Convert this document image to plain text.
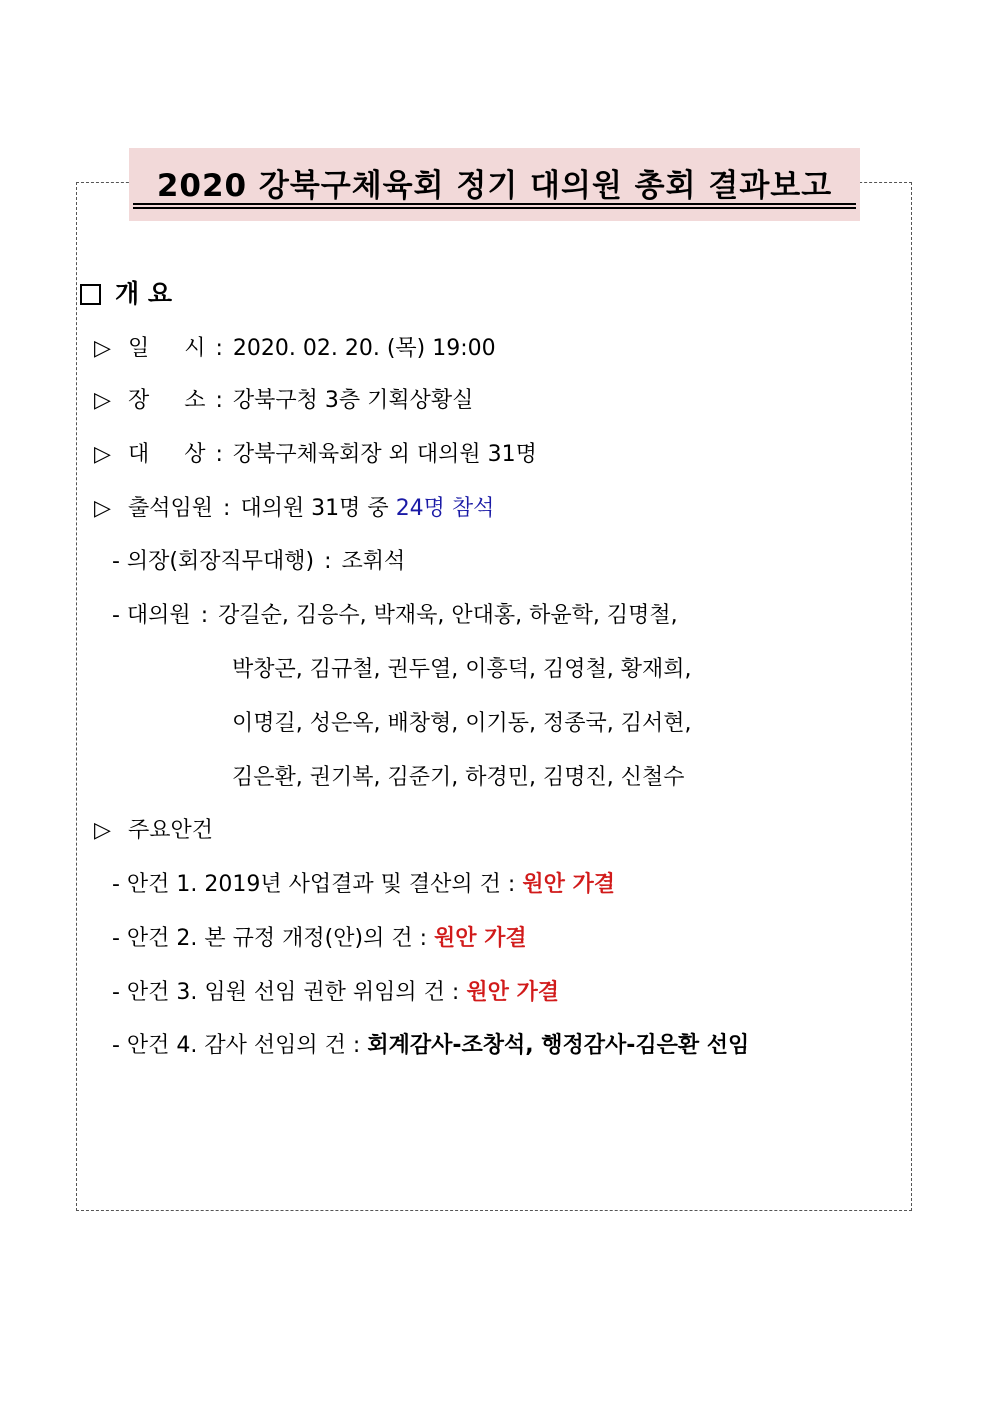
2020 강북구체육회 정기 대의원 총회 결과보고
개 요
▷ 일     시 : 2020. 02. 20. (목) 19:00
▷ 장     소 : 강북구청 3층 기획상황실
▷ 대     상 : 강북구체육회장 외 대의원 31명
▷ 출석임원 : 대의원 31명 중 24명 참석
- 의장(회장직무대행) : 조휘석
- 대의원 : 강길순, 김응수, 박재욱, 안대홍, 하윤학, 김명철,
박창곤, 김규철, 권두열, 이흥덕, 김영철, 황재희,
이명길, 성은옥, 배창형, 이기동, 정종국, 김서현,
김은환, 권기복, 김준기, 하경민, 김명진, 신철수
▷ 주요안건
- 안건 1. 2019년 사업결과 및 결산의 건 : 원안 가결
- 안건 2. 본 규정 개정(안)의 건 : 원안 가결
- 안건 3. 임원 선임 권한 위임의 건 : 원안 가결
- 안건 4. 감사 선임의 건 : 회계감사-조창석, 행정감사-김은환 선임
